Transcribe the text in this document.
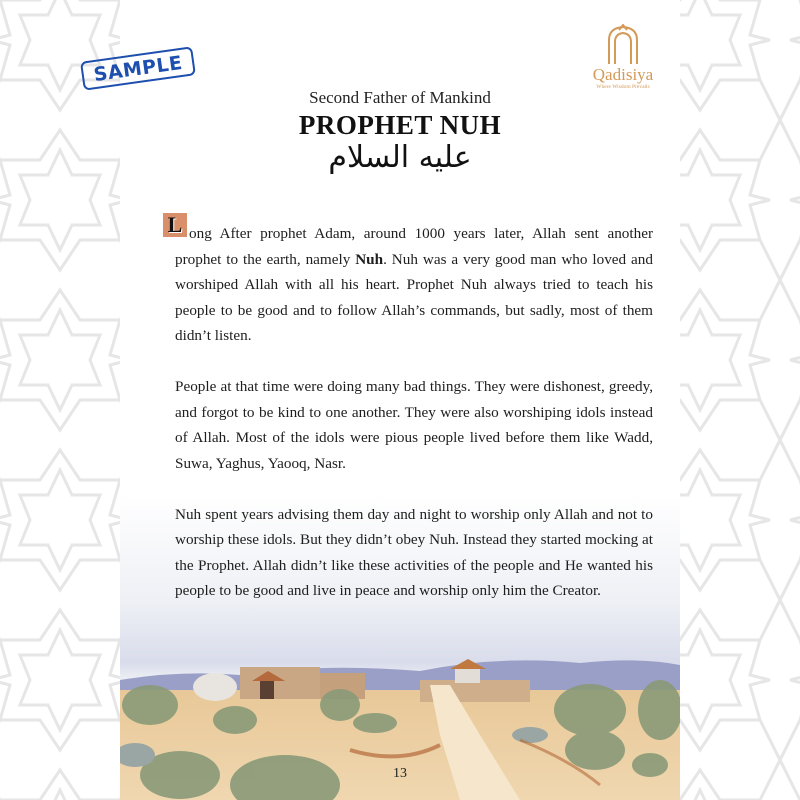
SAMPLE	Qadisiya
Where Wisdom Prevails
Second Father of Mankind
PROPHET NUH
عليه السلام

L ong After prophet Adam, around 1000 years later, Allah sent another prophet to the earth, namely Nuh. Nuh was a very good man who loved and worshiped Allah with all his heart. Prophet Nuh always tried to teach his people to be good and to follow Allah’s commands, but sadly, most of them didn’t listen.

People at that time were doing many bad things. They were dishonest, greedy, and forgot to be kind to one another. They were also worshiping idols instead of Allah. Most of the idols were pious people lived before them like Wadd, Suwa, Yaghus, Yaooq, Nasr.

Nuh spent years advising them day and night to worship only Allah and not to worship these idols. But they didn’t obey Nuh. Instead they started mocking at the Prophet. Allah didn’t like these activities of the people and He wanted his people to be good and live in peace and worship only him the Creator.

13
